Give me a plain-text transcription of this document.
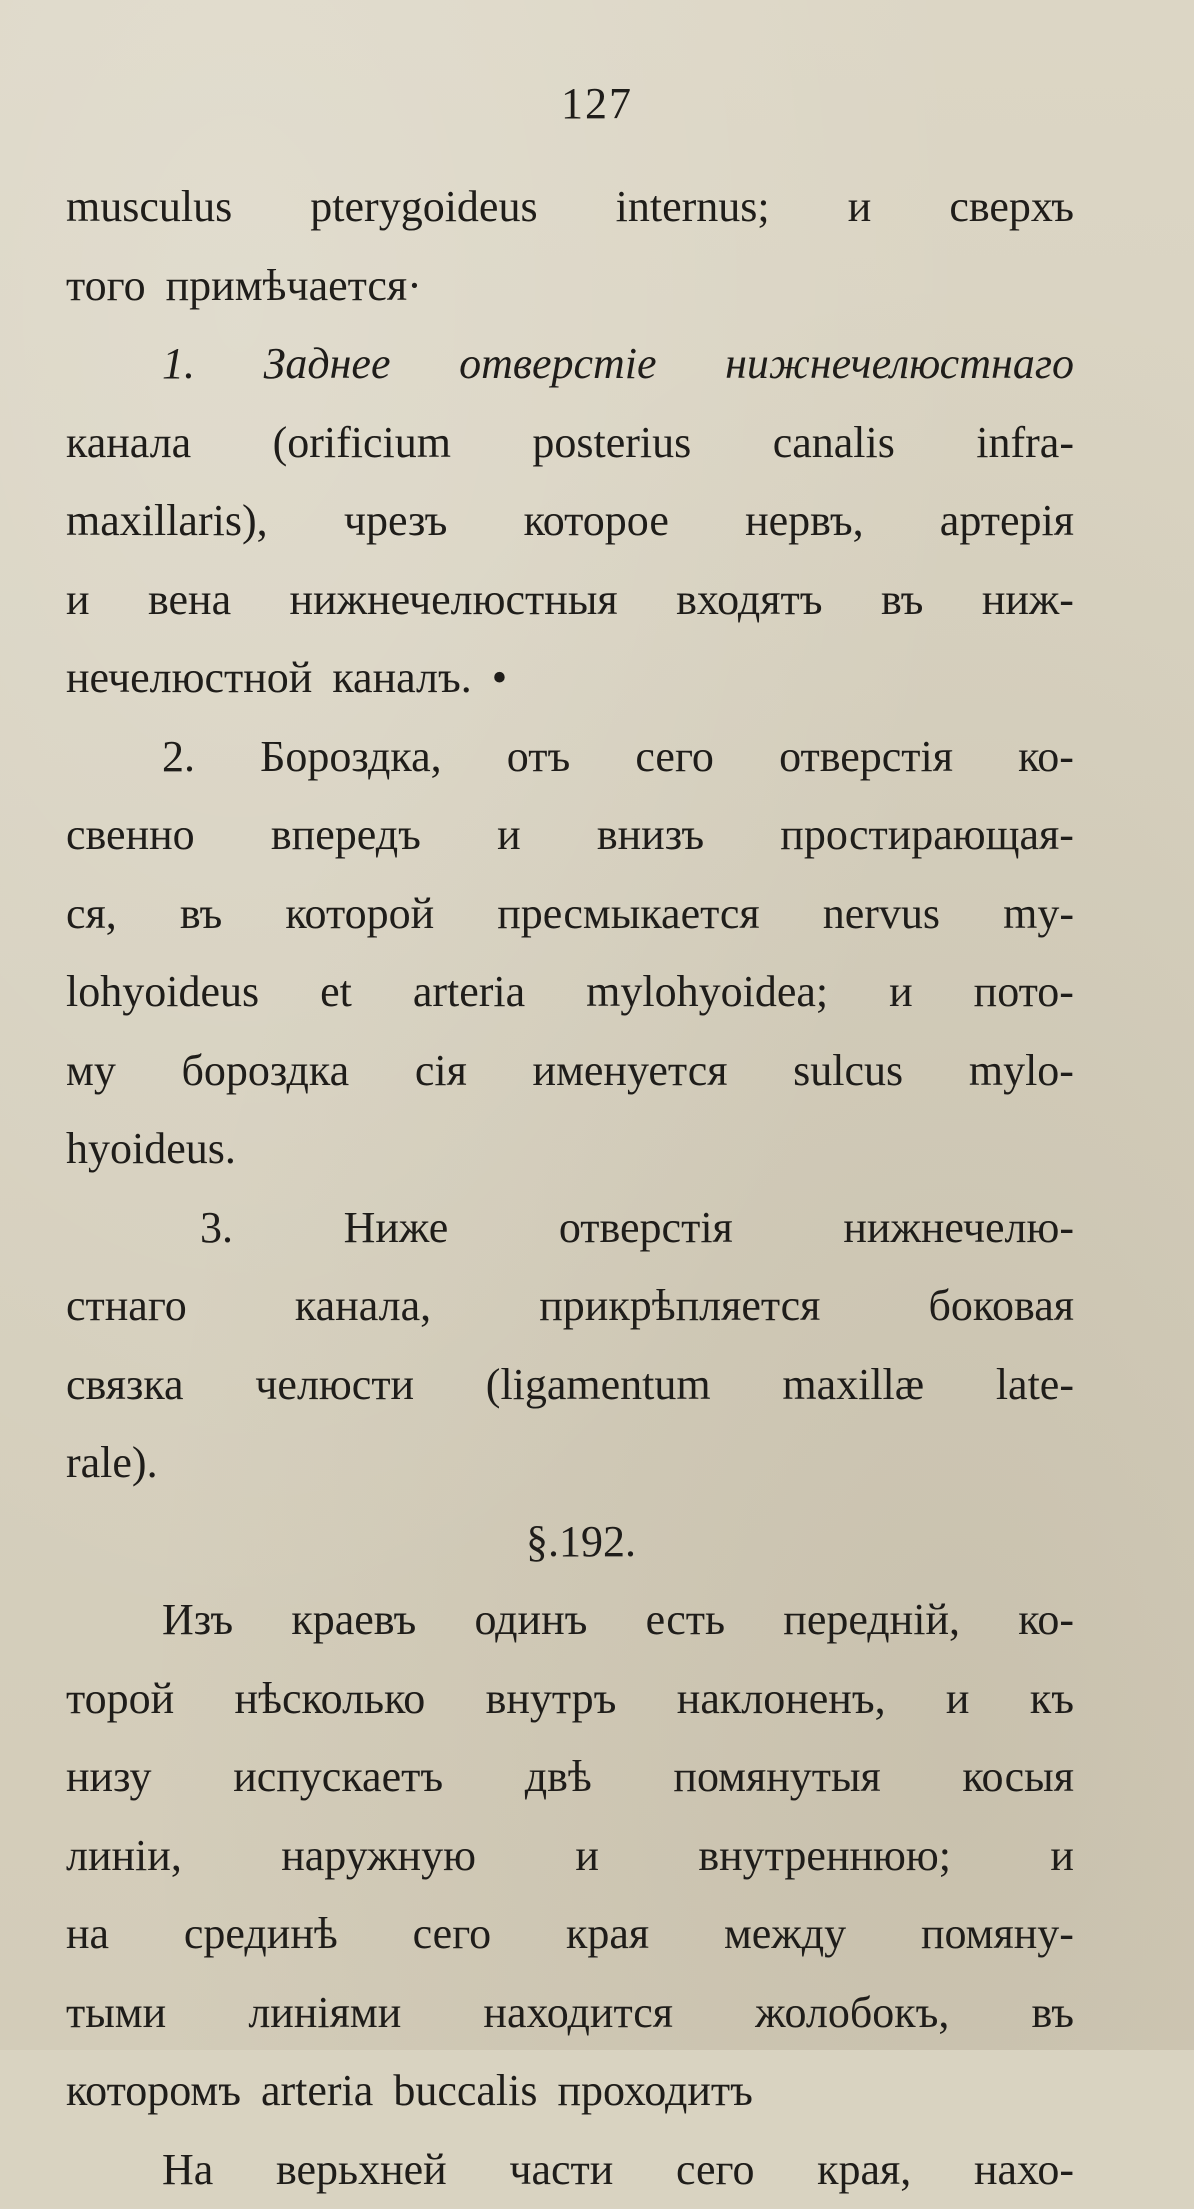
127
musculus pterygoideus internus; и сверхъ
того примѣчается·
1. Заднее отверстіе нижнечелюстнаго
канала (orificium posterius canalis infra-
maxillaris), чрезъ которое нервъ, артерія
и вена нижнечелюстныя входятъ въ ниж-
нечелюстной каналъ. •
2. Бороздка, отъ сего отверстія ко-
свенно впередъ и внизъ простирающая-
ся, въ которой пресмыкается nervus my-
lohyoideus et arteria mylohyoidea; и пото-
му бороздка сія именуется sulcus mylo-
hyoideus.
3.	Ниже	отверстія	нижнечелю-
стнаго канала, прикрѣпляется боковая
связка челюсти (ligamentum maxillæ late-
rale).
§. 192.
Изъ краевъ одинъ есть передній, ко-
торой нѣсколько внутръ наклоненъ, и къ
низу испускаетъ двѣ помянутыя косыя
линіи, наружную и внутреннюю; и
на срединѣ сего края между помяну-
тыми линіями находится жолобокъ, въ
которомъ arteria buccalis проходитъ
На верьхней части сего края, нахо-
